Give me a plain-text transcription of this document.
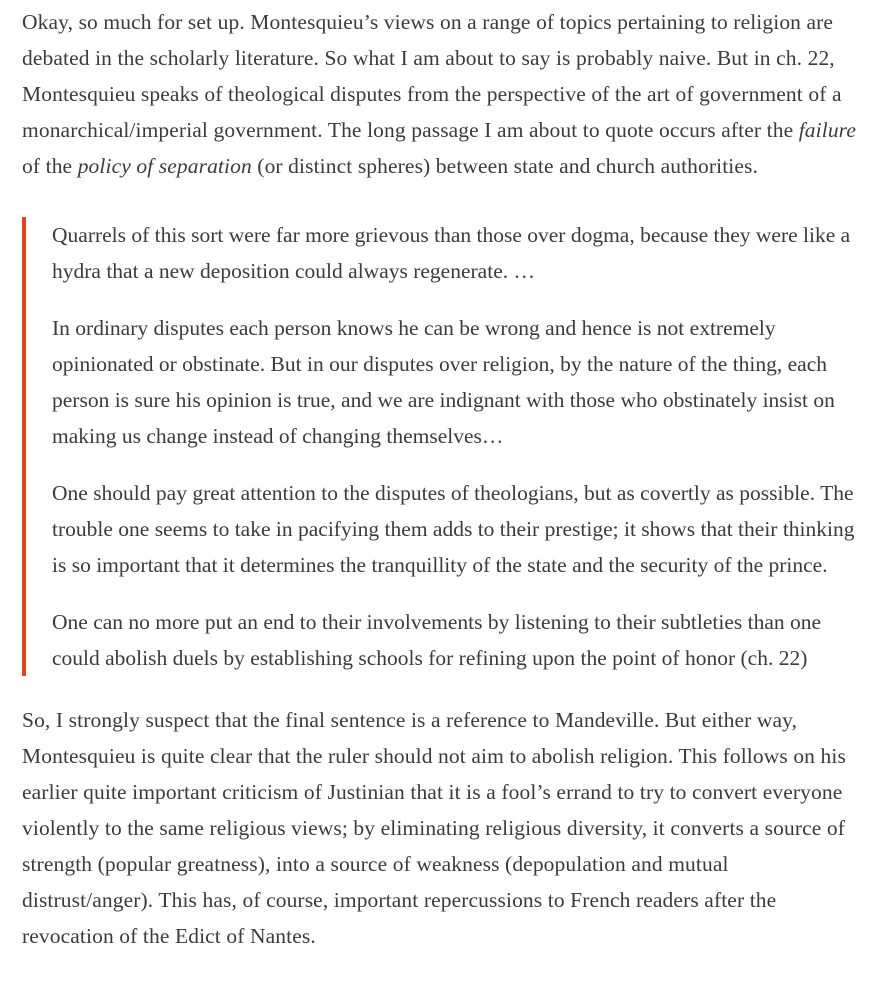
Okay, so much for set up. Montesquieu’s views on a range of topics pertaining to religion are debated in the scholarly literature. So what I am about to say is probably naive. But in ch. 22, Montesquieu speaks of theological disputes from the perspective of the art of government of a monarchical/imperial government. The long passage I am about to quote occurs after the failure of the policy of separation (or distinct spheres) between state and church authorities.

Quarrels of this sort were far more grievous than those over dogma, because they were like a hydra that a new deposition could always regenerate. …

In ordinary disputes each person knows he can be wrong and hence is not extremely opinionated or obstinate. But in our disputes over religion, by the nature of the thing, each person is sure his opinion is true, and we are indignant with those who obstinately insist on making us change instead of changing themselves…

One should pay great attention to the disputes of theologians, but as covertly as possible. The trouble one seems to take in pacifying them adds to their prestige; it shows that their thinking is so important that it determines the tranquillity of the state and the security of the prince.

One can no more put an end to their involvements by listening to their subtleties than one could abolish duels by establishing schools for refining upon the point of honor (ch. 22)

So, I strongly suspect that the final sentence is a reference to Mandeville. But either way, Montesquieu is quite clear that the ruler should not aim to abolish religion. This follows on his earlier quite important criticism of Justinian that it is a fool’s errand to try to convert everyone violently to the same religious views; by eliminating religious diversity, it converts a source of strength (popular greatness), into a source of weakness (depopulation and mutual distrust/anger). This has, of course, important repercussions to French readers after the revocation of the Edict of Nantes.
